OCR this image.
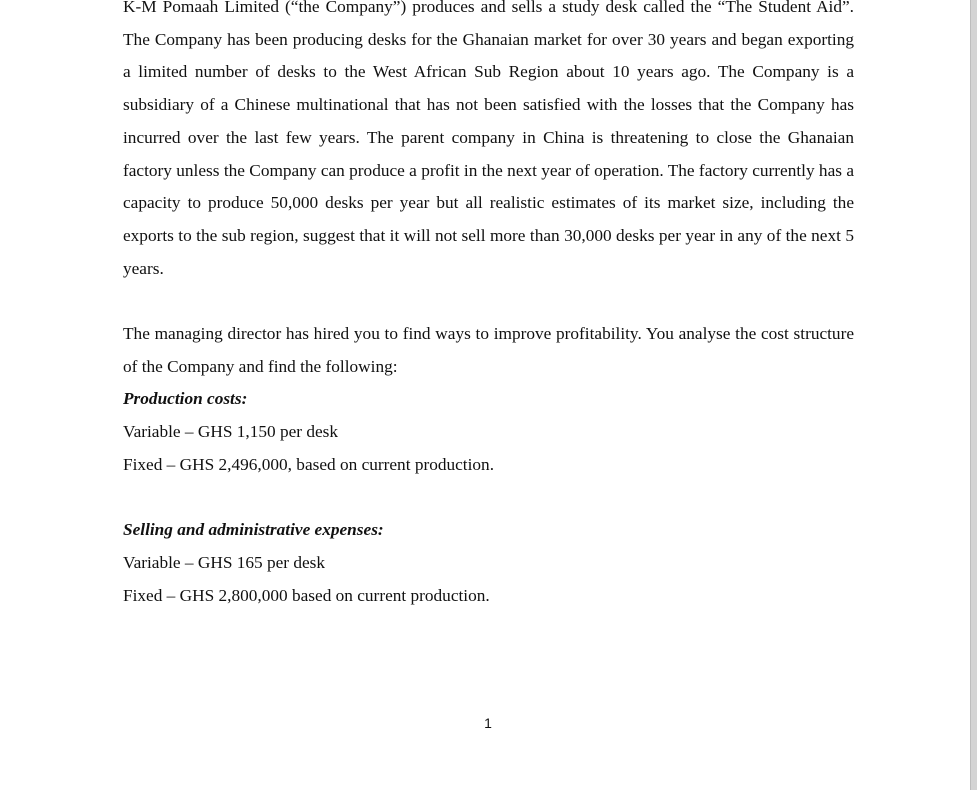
K-M Pomaah Limited (“the Company”) produces and sells a study desk called the “The Student Aid”. The Company has been producing desks for the Ghanaian market for over 30 years and began exporting a limited number of desks to the West African Sub Region about 10 years ago. The Company is a subsidiary of a Chinese multinational that has not been satisfied with the losses that the Company has incurred over the last few years. The parent company in China is threatening to close the Ghanaian factory unless the Company can produce a profit in the next year of operation. The factory currently has a capacity to produce 50,000 desks per year but all realistic estimates of its market size, including the exports to the sub region, suggest that it will not sell more than 30,000 desks per year in any of the next 5 years.

The managing director has hired you to find ways to improve profitability. You analyse the cost structure of the Company and find the following:

Production costs:

Variable – GHS 1,150 per desk

Fixed – GHS 2,496,000, based on current production.

Selling and administrative expenses:

Variable – GHS 165 per desk

Fixed – GHS 2,800,000 based on current production.

1
